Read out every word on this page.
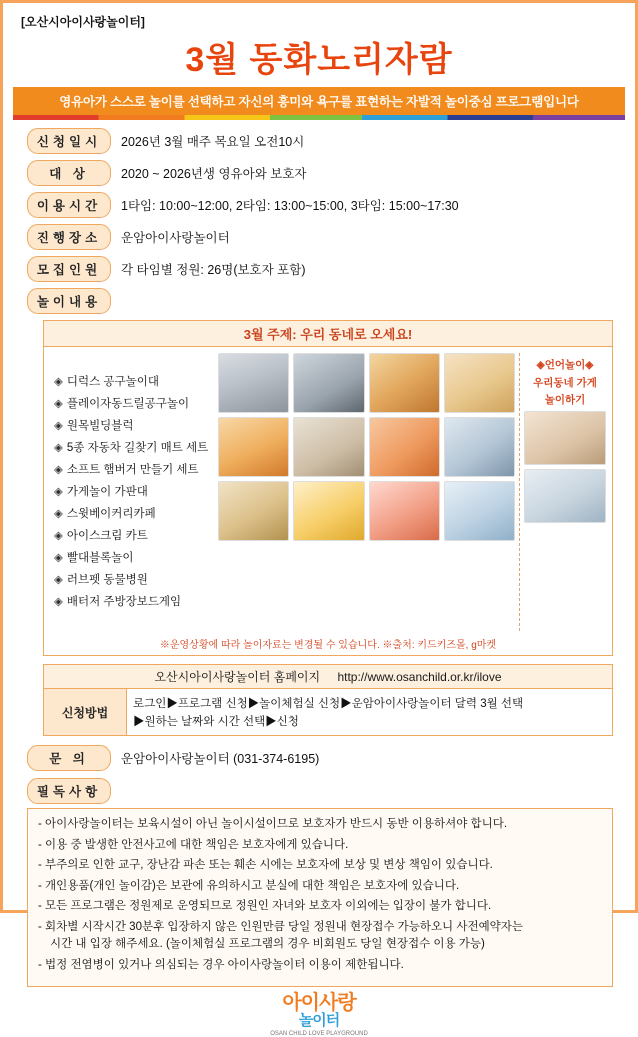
[오산시아이사랑놀이터]
3월 동화노리자람
영유아가 스스로 놀이를 선택하고 자신의 흥미와 욕구를 표현하는 자발적 놀이중심 프로그램입니다
신청일시	2026년 3월 매주 목요일 오전10시
대 상	2020 ~ 2026년생 영유아와 보호자
이용시간	1타임: 10:00~12:00, 2타임: 13:00~15:00, 3타임: 15:00~17:30
진행장소	운암아이사랑놀이터
모집인원	각 타임별 정원: 26명(보호자 포함)
놀이내용
3월 주제: 우리 동네로 오세요!
◈ 디럭스 공구놀이대
◈ 플레이자동드릴공구놀이
◈ 원목빌딩블럭
◈ 5종 자동차 길찾기 매트 세트
◈ 소프트 햄버거 만들기 세트
◈ 가게놀이 가판대
◈ 스윗베이커리카페
◈ 아이스크림 카트
◈ 빨대블록놀이
◈ 러브펫 동물병원
◈ 배터저 주방장보드게임
◈언어놀이◈
우리동네 가게
놀이하기
※운영상황에 따라 놀이자료는 변경될 수 있습니다. ※출처: 키드키즈몰, g마켓
오산시아이사랑놀이터 홈페이지 http://www.osanchild.or.kr/ilove
신청방법
로그인▶프로그램 신청▶놀이체험실 신청▶운암아이사랑놀이터 달력 3월 선택
▶원하는 날짜와 시간 선택▶신청
문 의	운암아이사랑놀이터 (031-374-6195)
필독사항

- 아이사랑놀이터는 보육시설이 아닌 놀이시설이므로 보호자가 반드시 동반 이용하셔야 합니다.

- 이용 중 발생한 안전사고에 대한 책임은 보호자에게 있습니다.

- 부주의로 인한 교구, 장난감 파손 또는 훼손 시에는 보호자에 보상 및 변상 책임이 있습니다.

- 개인용품(개인 놀이감)은 보관에 유의하시고 분실에 대한 책임은 보호자에 있습니다.

- 모든 프로그램은 정원제로 운영되므로 정원인 자녀와 보호자 이외에는 입장이 불가 합니다.

- 회차별 시작시간 30분후 입장하지 않은 인원만큼 당일 정원내 현장접수 가능하오니 사전예약자는

시간 내 입장 해주세요. (놀이체험실 프로그램의 경우 비회원도 당일 현장접수 이용 가능)

- 법정 전염병이 있거나 의심되는 경우 아이사랑놀이터 이용이 제한됩니다.

아이사랑
놀이터
OSAN CHILD LOVE PLAYGROUND
